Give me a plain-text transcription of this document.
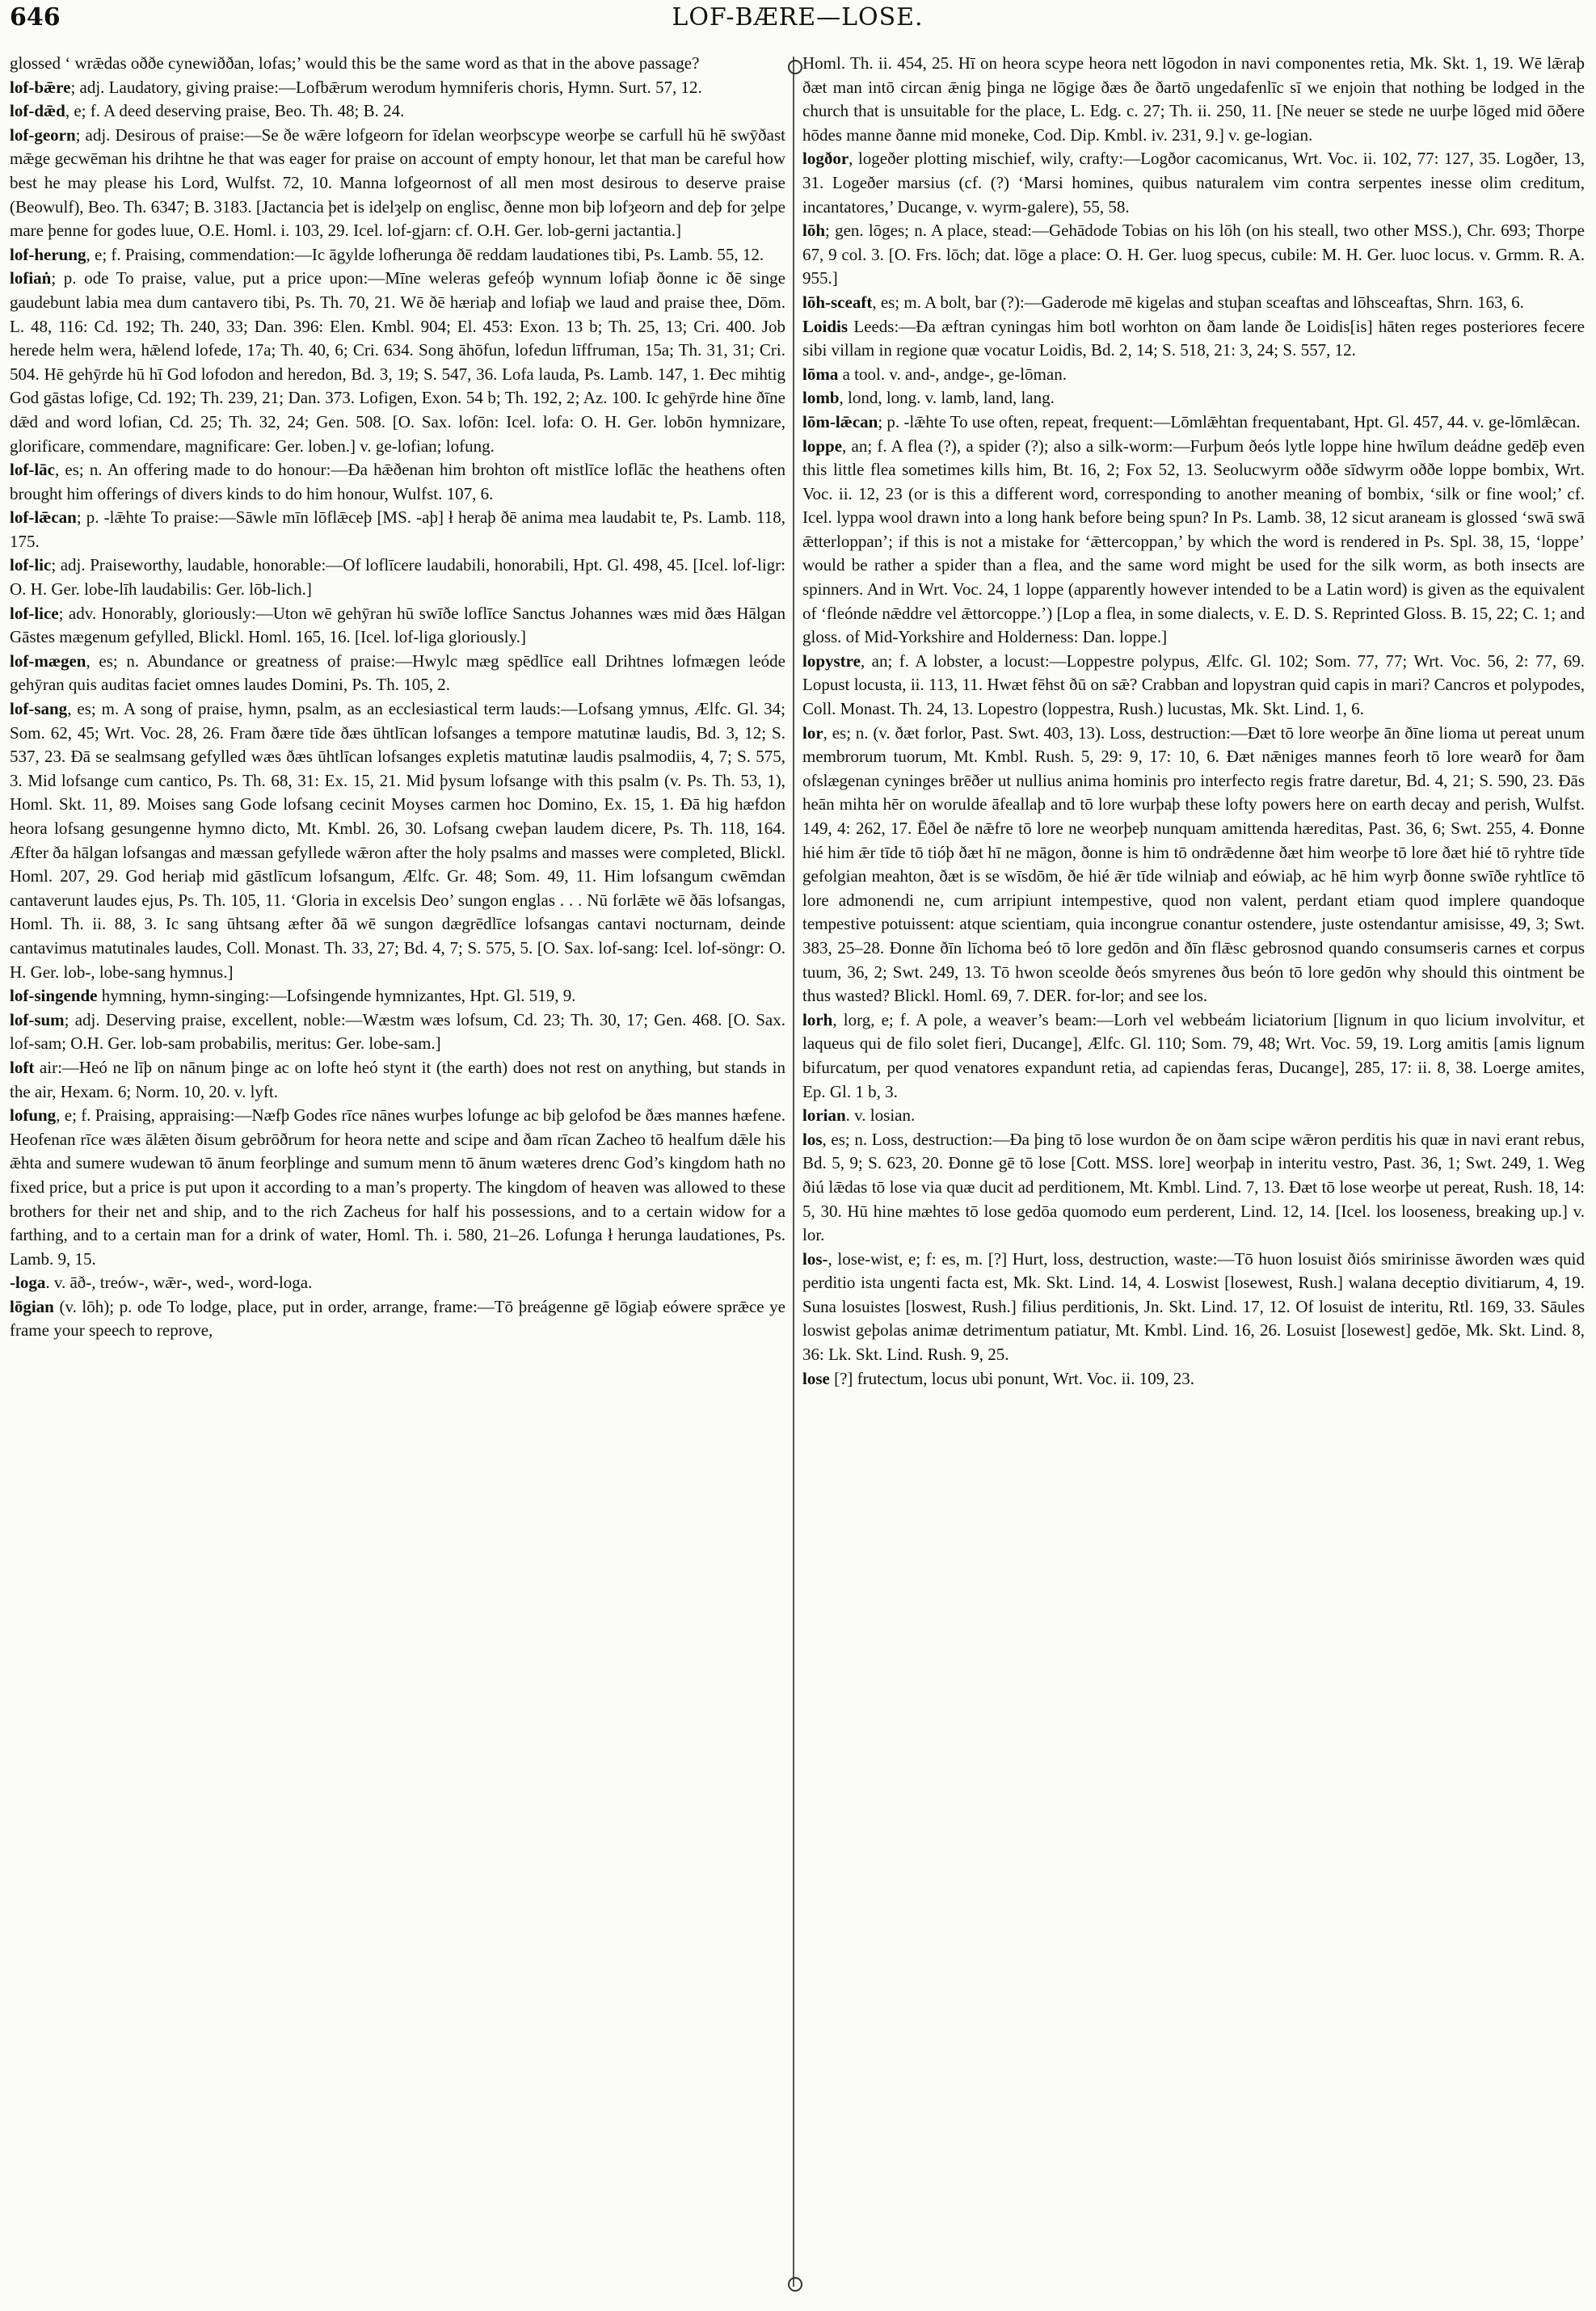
646	LOF-BÆRE—LOSE.

glossed ‘ wrǣdas oððe cynewiððan, lofas;’ would this be the same word as that in the above passage?

lof-bǣre; adj. Laudatory, giving praise:—Lofbǣrum werodum hymniferis choris, Hymn. Surt. 57, 12.

lof-dǣd, e; f. A deed deserving praise, Beo. Th. 48; B. 24.

lof-georn; adj. Desirous of praise:—Se ðe wǣre lofgeorn for īdelan weorþscype weorþe se carfull hū hē swȳðast mǣge gecwēman his drihtne he that was eager for praise on account of empty honour, let that man be careful how best he may please his Lord, Wulfst. 72, 10. Manna lofgeornost of all men most desirous to deserve praise (Beowulf), Beo. Th. 6347; B. 3183. [Jactancia þet is idelȝelp on englisc, ðenne mon biþ lofȝeorn and deþ for ȝelpe mare þenne for godes luue, O.E. Homl. i. 103, 29. Icel. lof-gjarn: cf. O.H. Ger. lob-gerni jactantia.]

lof-herung, e; f. Praising, commendation:—Ic āgylde lofherunga ðē reddam laudationes tibi, Ps. Lamb. 55, 12.

lofiaṅ; p. ode To praise, value, put a price upon:—Mīne weleras gefeóþ wynnum lofiaþ ðonne ic ðē singe gaudebunt labia mea dum cantavero tibi, Ps. Th. 70, 21. Wē ðē hæriaþ and lofiaþ we laud and praise thee, Dōm. L. 48, 116: Cd. 192; Th. 240, 33; Dan. 396: Elen. Kmbl. 904; El. 453: Exon. 13 b; Th. 25, 13; Cri. 400. Job herede helm wera, hǣlend lofede, 17a; Th. 40, 6; Cri. 634. Song āhōfun, lofedun līffruman, 15a; Th. 31, 31; Cri. 504. Hē gehȳrde hū hī God lofodon and heredon, Bd. 3, 19; S. 547, 36. Lofa lauda, Ps. Lamb. 147, 1. Ðec mihtig God gāstas lofige, Cd. 192; Th. 239, 21; Dan. 373. Lofigen, Exon. 54 b; Th. 192, 2; Az. 100. Ic gehȳrde hine ðīne dǣd and word lofian, Cd. 25; Th. 32, 24; Gen. 508. [O. Sax. lofōn: Icel. lofa: O. H. Ger. lobōn hymnizare, glorificare, commendare, magnificare: Ger. loben.] v. ge-lofian; lofung.

lof-lāc, es; n. An offering made to do honour:—Ða hǣðenan him brohton oft mistlīce loflāc the heathens often brought him offerings of divers kinds to do him honour, Wulfst. 107, 6.

lof-lǣcan; p. -lǣhte To praise:—Sāwle mīn lōflǣceþ [MS. -aþ] ł heraþ ðē anima mea laudabit te, Ps. Lamb. 118, 175.

lof-lic; adj. Praiseworthy, laudable, honorable:—Of loflīcere laudabili, honorabili, Hpt. Gl. 498, 45. [Icel. lof-ligr: O. H. Ger. lobe-līh laudabilis: Ger. lōb-lich.]

lof-lice; adv. Honorably, gloriously:—Uton wē gehȳran hū swīðe loflīce Sanctus Johannes wæs mid ðæs Hālgan Gāstes mægenum gefylled, Blickl. Homl. 165, 16. [Icel. lof-liga gloriously.]

lof-mægen, es; n. Abundance or greatness of praise:—Hwylc mæg spēdlīce eall Drihtnes lofmægen leóde gehȳran quis auditas faciet omnes laudes Domini, Ps. Th. 105, 2.

lof-sang, es; m. A song of praise, hymn, psalm, as an ecclesiastical term lauds:—Lofsang ymnus, Ælfc. Gl. 34; Som. 62, 45; Wrt. Voc. 28, 26. Fram ðære tīde ðæs ūhtlīcan lofsanges a tempore matutinæ laudis, Bd. 3, 12; S. 537, 23. Ðā se sealmsang gefylled wæs ðæs ūhtlīcan lofsanges expletis matutinæ laudis psalmodiis, 4, 7; S. 575, 3. Mid lofsange cum cantico, Ps. Th. 68, 31: Ex. 15, 21. Mid þysum lofsange with this psalm (v. Ps. Th. 53, 1), Homl. Skt. 11, 89. Moises sang Gode lofsang cecinit Moyses carmen hoc Domino, Ex. 15, 1. Ðā hig hæfdon heora lofsang gesungenne hymno dicto, Mt. Kmbl. 26, 30. Lofsang cweþan laudem dicere, Ps. Th. 118, 164. Æfter ða hālgan lofsangas and mæssan gefyllede wǣron after the holy psalms and masses were completed, Blickl. Homl. 207, 29. God heriaþ mid gāstlīcum lofsangum, Ælfc. Gr. 48; Som. 49, 11. Him lofsangum cwēmdan cantaverunt laudes ejus, Ps. Th. 105, 11. ‘Gloria in excelsis Deo’ sungon englas . . . Nū forlǣte wē ðās lofsangas, Homl. Th. ii. 88, 3. Ic sang ūhtsang æfter ðā wē sungon dægrēdlīce lofsangas cantavi nocturnam, deinde cantavimus matutinales laudes, Coll. Monast. Th. 33, 27; Bd. 4, 7; S. 575, 5. [O. Sax. lof-sang: Icel. lof-söngr: O. H. Ger. lob-, lobe-sang hymnus.]

lof-singende hymning, hymn-singing:—Lofsingende hymnizantes, Hpt. Gl. 519, 9.

lof-sum; adj. Deserving praise, excellent, noble:—Wæstm wæs lofsum, Cd. 23; Th. 30, 17; Gen. 468. [O. Sax. lof-sam; O.H. Ger. lob-sam probabilis, meritus: Ger. lobe-sam.]

loft air:—Heó ne līþ on nānum þinge ac on lofte heó stynt it (the earth) does not rest on anything, but stands in the air, Hexam. 6; Norm. 10, 20. v. lyft.

lofung, e; f. Praising, appraising:—Næfþ Godes rīce nānes wurþes lofunge ac biþ gelofod be ðæs mannes hæfene. Heofenan rīce wæs ālǣten ðisum gebrōðrum for heora nette and scipe and ðam rīcan Zacheo tō healfum dǣle his ǣhta and sumere wudewan tō ānum feorþlinge and sumum menn tō ānum wæteres drenc God’s kingdom hath no fixed price, but a price is put upon it according to a man’s property. The kingdom of heaven was allowed to these brothers for their net and ship, and to the rich Zacheus for half his possessions, and to a certain widow for a farthing, and to a certain man for a drink of water, Homl. Th. i. 580, 21–26. Lofunga ł herunga laudationes, Ps. Lamb. 9, 15.

-loga. v. āð-, treów-, wǣr-, wed-, word-loga.

lōgian (v. lōh); p. ode To lodge, place, put in order, arrange, frame:—Tō þreágenne gē lōgiaþ eówere sprǣce ye frame your speech to reprove,

Homl. Th. ii. 454, 25. Hī on heora scype heora nett lōgodon in navi componentes retia, Mk. Skt. 1, 19. Wē lǣraþ ðæt man intō circan ǣnig þinga ne lōgige ðæs ðe ðartō ungedafenlīc sī we enjoin that nothing be lodged in the church that is unsuitable for the place, L. Edg. c. 27; Th. ii. 250, 11. [Ne neuer se stede ne uurþe lōged mid ōðere hōdes manne ðanne mid moneke, Cod. Dip. Kmbl. iv. 231, 9.] v. ge-logian.

logðor, logeðer plotting mischief, wily, crafty:—Logðor cacomicanus, Wrt. Voc. ii. 102, 77: 127, 35. Logðer, 13, 31. Logeðer marsius (cf. (?) ‘Marsi homines, quibus naturalem vim contra serpentes inesse olim creditum, incantatores,’ Ducange, v. wyrm-galere), 55, 58.

lōh; gen. lōges; n. A place, stead:—Gehādode Tobias on his lōh (on his steall, two other MSS.), Chr. 693; Thorpe 67, 9 col. 3. [O. Frs. lōch; dat. lōge a place: O. H. Ger. luog specus, cubile: M. H. Ger. luoc locus. v. Grmm. R. A. 955.]

lōh-sceaft, es; m. A bolt, bar (?):—Gaderode mē kigelas and stuþan sceaftas and lōhsceaftas, Shrn. 163, 6.

Loidis Leeds:—Ða æftran cyningas him botl worhton on ðam lande ðe Loidis[is] hāten reges posteriores fecere sibi villam in regione quæ vocatur Loidis, Bd. 2, 14; S. 518, 21: 3, 24; S. 557, 12.

lōma a tool. v. and-, andge-, ge-lōman.

lomb, lond, long. v. lamb, land, lang.

lōm-lǣcan; p. -lǣhte To use often, repeat, frequent:—Lōmlǣhtan frequentabant, Hpt. Gl. 457, 44. v. ge-lōmlǣcan.

loppe, an; f. A flea (?), a spider (?); also a silk-worm:—Furþum ðeós lytle loppe hine hwīlum deádne gedēþ even this little flea sometimes kills him, Bt. 16, 2; Fox 52, 13. Seolucwyrm oððe sīdwyrm oððe loppe bombix, Wrt. Voc. ii. 12, 23 (or is this a different word, corresponding to another meaning of bombix, ‘silk or fine wool;’ cf. Icel. lyppa wool drawn into a long hank before being spun? In Ps. Lamb. 38, 12 sicut araneam is glossed ‘swā swā ǣtterloppan’; if this is not a mistake for ‘ǣttercoppan,’ by which the word is rendered in Ps. Spl. 38, 15, ‘loppe’ would be rather a spider than a flea, and the same word might be used for the silk worm, as both insects are spinners. And in Wrt. Voc. 24, 1 loppe (apparently however intended to be a Latin word) is given as the equivalent of ‘fleónde nǣddre vel ǣttorcoppe.’) [Lop a flea, in some dialects, v. E. D. S. Reprinted Gloss. B. 15, 22; C. 1; and gloss. of Mid-Yorkshire and Holderness: Dan. loppe.]

lopystre, an; f. A lobster, a locust:—Loppestre polypus, Ælfc. Gl. 102; Som. 77, 77; Wrt. Voc. 56, 2: 77, 69. Lopust locusta, ii. 113, 11. Hwæt fēhst ðū on sǣ? Crabban and lopystran quid capis in mari? Cancros et polypodes, Coll. Monast. Th. 24, 13. Lopestro (loppestra, Rush.) lucustas, Mk. Skt. Lind. 1, 6.

lor, es; n. (v. ðæt forlor, Past. Swt. 403, 13). Loss, destruction:—Ðæt tō lore weorþe ān ðīne lioma ut pereat unum membrorum tuorum, Mt. Kmbl. Rush. 5, 29: 9, 17: 10, 6. Ðæt nǣniges mannes feorh tō lore wearð for ðam ofslægenan cyninges brēðer ut nullius anima hominis pro interfecto regis fratre daretur, Bd. 4, 21; S. 590, 23. Ðās heān mihta hēr on worulde āfeallaþ and tō lore wurþaþ these lofty powers here on earth decay and perish, Wulfst. 149, 4: 262, 17. Ēðel ðe nǣfre tō lore ne weorþeþ nunquam amittenda hæreditas, Past. 36, 6; Swt. 255, 4. Ðonne hié him ǣr tīde tō tióþ ðæt hī ne māgon, ðonne is him tō ondrǣdenne ðæt him weorþe tō lore ðæt hié tō ryhtre tīde gefolgian meahton, ðæt is se wīsdōm, ðe hié ǣr tīde wilniaþ and eówiaþ, ac hē him wyrþ ðonne swīðe ryhtlīce tō lore admonendi ne, cum arripiunt intempestive, quod non valent, perdant etiam quod implere quandoque tempestive potuissent: atque scientiam, quia incongrue conantur ostendere, juste ostendantur amisisse, 49, 3; Swt. 383, 25–28. Ðonne ðīn līchoma beó tō lore gedōn and ðīn flǣsc gebrosnod quando consumseris carnes et corpus tuum, 36, 2; Swt. 249, 13. Tō hwon sceolde ðeós smyrenes ðus beón tō lore gedōn why should this ointment be thus wasted? Blickl. Homl. 69, 7. DER. for-lor; and see los.

lorh, lorg, e; f. A pole, a weaver’s beam:—Lorh vel webbeám liciatorium [lignum in quo licium involvitur, et laqueus qui de filo solet fieri, Ducange], Ælfc. Gl. 110; Som. 79, 48; Wrt. Voc. 59, 19. Lorg amitis [amis lignum bifurcatum, per quod venatores expandunt retia, ad capiendas feras, Ducange], 285, 17: ii. 8, 38. Loerge amites, Ep. Gl. 1 b, 3.

lorian. v. losian.

los, es; n. Loss, destruction:—Ða þing tō lose wurdon ðe on ðam scipe wǣron perditis his quæ in navi erant rebus, Bd. 5, 9; S. 623, 20. Ðonne gē tō lose [Cott. MSS. lore] weorþaþ in interitu vestro, Past. 36, 1; Swt. 249, 1. Weg ðiú lǣdas tō lose via quæ ducit ad perditionem, Mt. Kmbl. Lind. 7, 13. Ðæt tō lose weorþe ut pereat, Rush. 18, 14: 5, 30. Hū hine mæhtes tō lose gedōa quomodo eum perderent, Lind. 12, 14. [Icel. los looseness, breaking up.] v. lor.

los-, lose-wist, e; f: es, m. [?] Hurt, loss, destruction, waste:—Tō huon losuist ðiós smirinisse āworden wæs quid perditio ista ungenti facta est, Mk. Skt. Lind. 14, 4. Loswist [losewest, Rush.] walana deceptio divitiarum, 4, 19. Suna losuistes [loswest, Rush.] filius perditionis, Jn. Skt. Lind. 17, 12. Of losuist de interitu, Rtl. 169, 33. Sāules loswist geþolas animæ detrimentum patiatur, Mt. Kmbl. Lind. 16, 26. Losuist [losewest] gedōe, Mk. Skt. Lind. 8, 36: Lk. Skt. Lind. Rush. 9, 25.

lose [?] frutectum, locus ubi ponunt, Wrt. Voc. ii. 109, 23.
